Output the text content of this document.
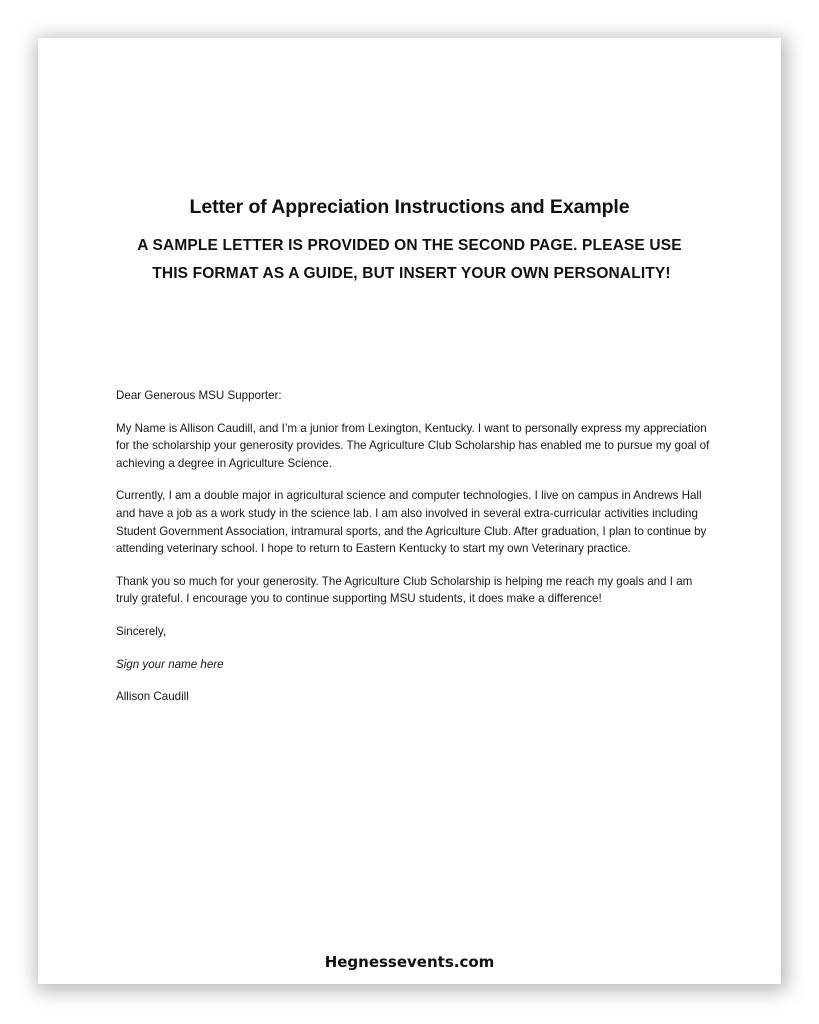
Letter of Appreciation Instructions and Example
A SAMPLE LETTER IS PROVIDED ON THE SECOND PAGE. PLEASE USE
THIS FORMAT AS A GUIDE, BUT INSERT YOUR OWN PERSONALITY!

Dear Generous MSU Supporter:

My Name is Allison Caudill, and I’m a junior from Lexington, Kentucky. I want to personally express my appreciation for the scholarship your generosity provides. The Agriculture Club Scholarship has enabled me to pursue my goal of achieving a degree in Agriculture Science.

Currently, I am a double major in agricultural science and computer technologies. I live on campus in Andrews Hall and have a job as a work study in the science lab. I am also involved in several extra-curricular activities including Student Government Association, intramural sports, and the Agriculture Club. After graduation, I plan to continue by attending veterinary school. I hope to return to Eastern Kentucky to start my own Veterinary practice.

Thank you so much for your generosity. The Agriculture Club Scholarship is helping me reach my goals and I am truly grateful. I encourage you to continue supporting MSU students, it does make a difference!

Sincerely,

Sign your name here

Allison Caudill

Hegnessevents.com
